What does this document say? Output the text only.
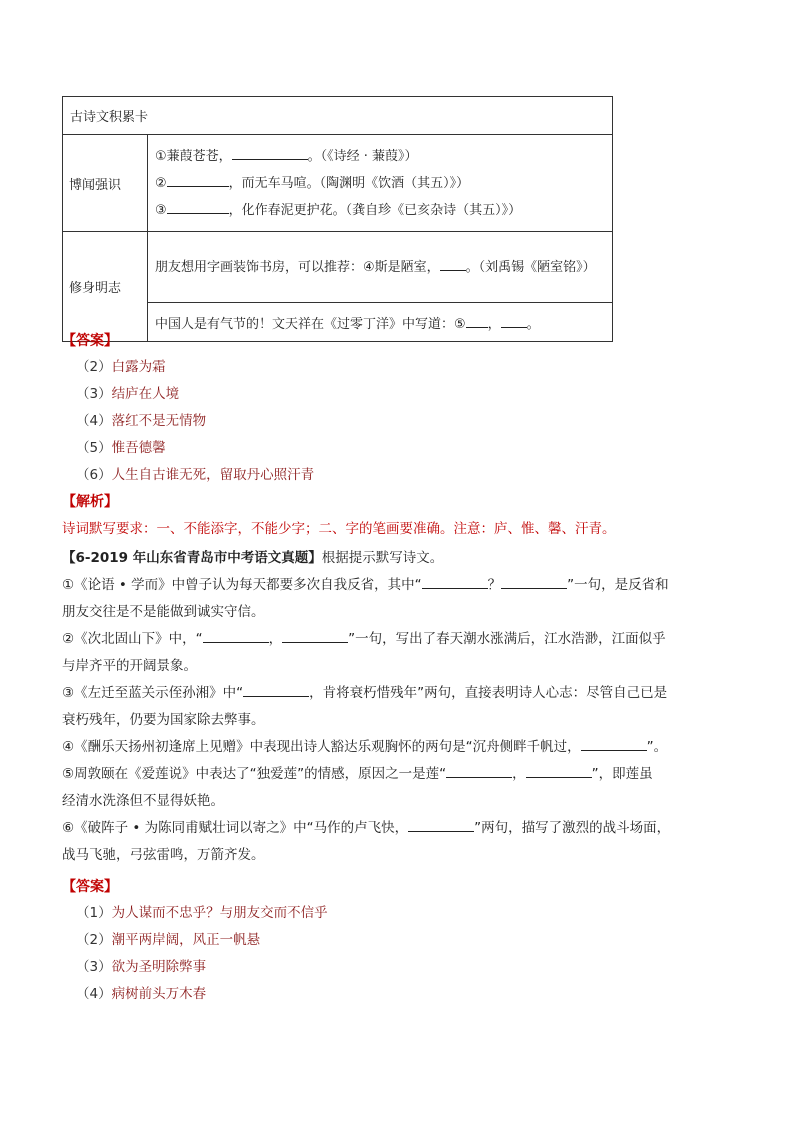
古诗文积累卡	
博闻强识	①蒹葭苍苍， 。（《诗经 · 蒹葭》）
② ，而无车马喧。（陶渊明《饮酒（其五）》）
③ ，化作春泥更护花。（龚自珍《已亥杂诗（其五）》）

修身明志	朋友想用字画装饰书房，可以推荐：④斯是陋室， 。（刘禹锡《陋室铭》）
	中国人是有气节的！文天祥在《过零丁洋》中写道：⑤ ， 。
【答案】
（2）白露为霜
（3）结庐在人境
（4）落红不是无情物
（5）惟吾德馨
（6）人生自古谁无死，留取丹心照汗青
【解析】
诗词默写要求：一、不能添字，不能少字；二、字的笔画要准确。注意：庐、惟、馨、汗青。
【6-2019 年山东省青岛市中考语文真题】根据提示默写诗文。
①《论语 • 学而》中曾子认为每天都要多次自我反省，其中“	？	”一句，是反省和
朋友交往是不是能做到诚实守信。
②《次北固山下》中，“	，	”一句，写出了春天潮水涨满后，江水浩渺，江面似乎
与岸齐平的开阔景象。
③《左迁至蓝关示侄孙湘》中“	，肯将衰朽惜残年”两句，直接表明诗人心志：尽管自己已是
衰朽残年，仍要为国家除去弊事。
④《酬乐天扬州初逢席上见赠》中表现出诗人豁达乐观胸怀的两句是“沉舟侧畔千帆过，	”。
⑤周敦颐在《爱莲说》中表达了“独爱莲”的情感，原因之一是莲“	，	”，即莲虽
经清水洗涤但不显得妖艳。
⑥《破阵子 • 为陈同甫赋壮词以寄之》中“马作的卢飞快，	”两句，描写了激烈的战斗场面，
战马飞驰，弓弦雷鸣，万箭齐发。
【答案】
（1）为人谋而不忠乎？与朋友交而不信乎
（2）潮平两岸阔，风正一帆悬
（3）欲为圣明除弊事
（4）病树前头万木春
